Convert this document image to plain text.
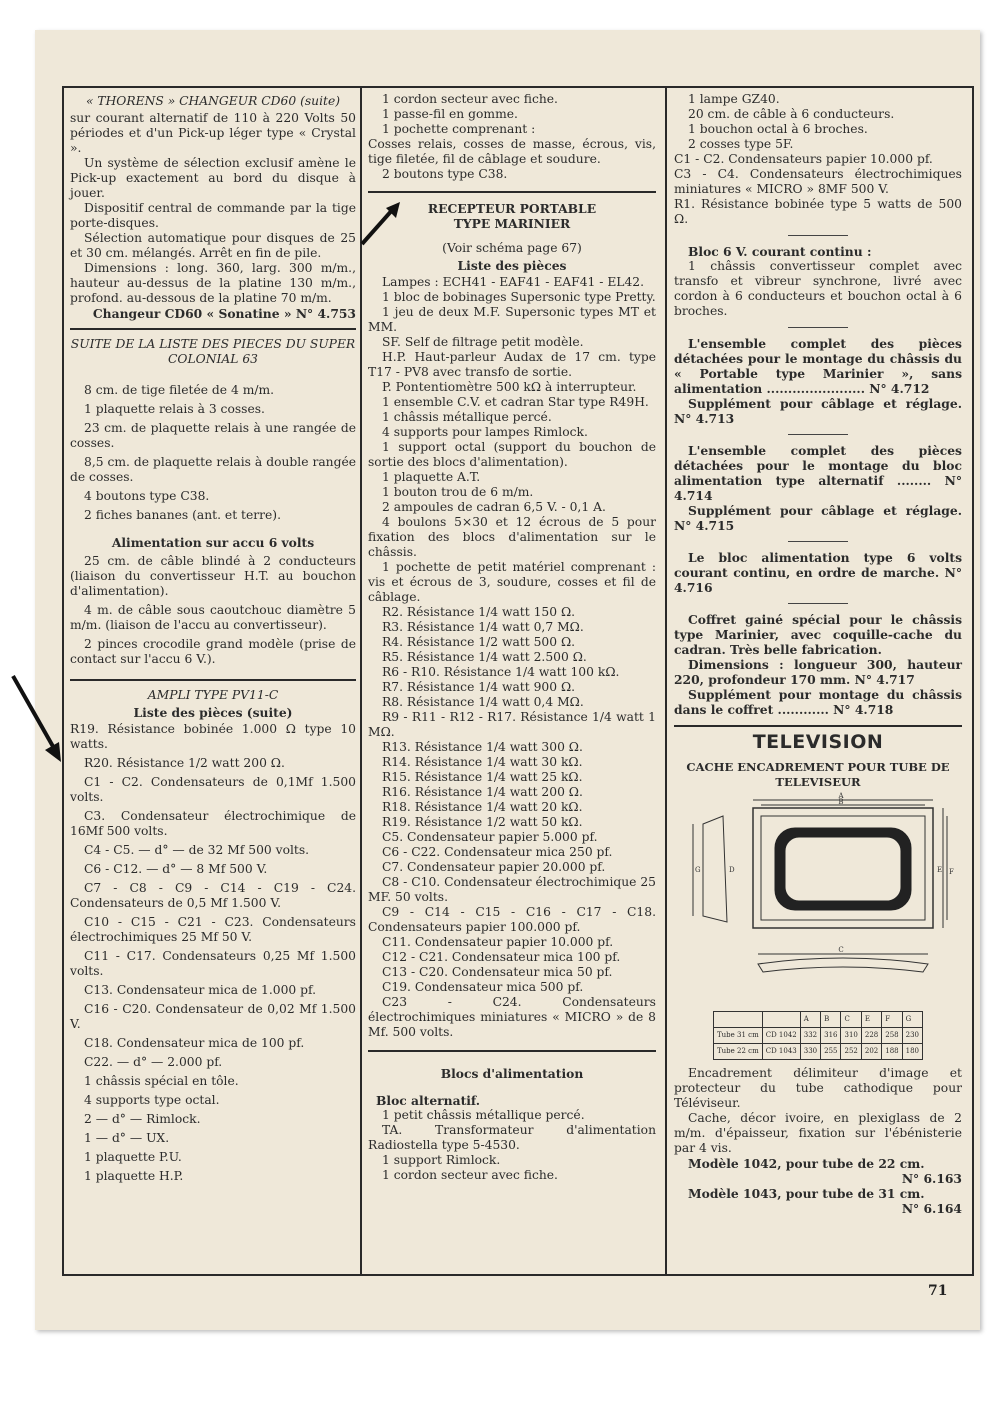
« THORENS » CHANGEUR CD60 (suite)

sur courant alternatif de 110 à 220 Volts 50 périodes et d'un Pick-up léger type « Crystal ».

Un système de sélection exclusif amène le Pick-up exactement au bord du disque à jouer.

Dispositif central de commande par la tige porte-disques.

Sélection automatique pour disques de 25 et 30 cm. mélangés. Arrêt en fin de pile.

Dimensions : long. 360, larg. 300 m/m., hauteur au-dessus de la platine 130 m/m., profond. au-dessous de la platine 70 m/m.

Changeur CD60 « Sonatine » N° 4.753

SUITE DE LA LISTE DES PIECES DU SUPER COLONIAL 63

8 cm. de tige filetée de 4 m/m.

1 plaquette relais à 3 cosses.

23 cm. de plaquette relais à une rangée de cosses.

8,5 cm. de plaquette relais à double rangée de cosses.

4 boutons type C38.

2 fiches bananes (ant. et terre).

Alimentation sur accu 6 volts

25 cm. de câble blindé à 2 conducteurs (liaison du convertisseur H.T. au bouchon d'alimentation).

4 m. de câble sous caoutchouc diamètre 5 m/m. (liaison de l'accu au convertisseur).

2 pinces crocodile grand modèle (prise de contact sur l'accu 6 V.).

AMPLI TYPE PV11-C
Liste des pièces (suite)

R19. Résistance bobinée 1.000 Ω type 10 watts.

R20. Résistance 1/2 watt 200 Ω.

C1 - C2. Condensateurs de 0,1Mf 1.500 volts.

C3. Condensateur électrochimique de 16Mf 500 volts.

C4 - C5. — d° — de 32 Mf 500 volts.

C6 - C12. — d° — 8 Mf 500 V.

C7 - C8 - C9 - C14 - C19 - C24. Condensateurs de 0,5 Mf 1.500 V.

C10 - C15 - C21 - C23. Condensateurs électrochimiques 25 Mf 50 V.

C11 - C17. Condensateurs 0,25 Mf 1.500 volts.

C13. Condensateur mica de 1.000 pf.

C16 - C20. Condensateur de 0,02 Mf 1.500 V.

C18. Condensateur mica de 100 pf.

C22. — d° — 2.000 pf.

1 châssis spécial en tôle.

4 supports type octal.

2 — d° — Rimlock.

1 — d° — UX.

1 plaquette P.U.

1 plaquette H.P.

1 cordon secteur avec fiche.

1 passe-fil en gomme.

1 pochette comprenant :

Cosses relais, cosses de masse, écrous, vis, tige filetée, fil de câblage et soudure.

2 boutons type C38.

RECEPTEUR PORTABLE
TYPE MARINIER
(Voir schéma page 67)
Liste des pièces

Lampes : ECH41 - EAF41 - EAF41 - EL42.

1 bloc de bobinages Supersonic type Pretty.

1 jeu de deux M.F. Supersonic types MT et MM.

SF. Self de filtrage petit modèle.

H.P. Haut-parleur Audax de 17 cm. type T17 - PV8 avec transfo de sortie.

P. Pontentiomètre 500 kΩ à interrupteur.

1 ensemble C.V. et cadran Star type R49H.

1 châssis métallique percé.

4 supports pour lampes Rimlock.

1 support octal (support du bouchon de sortie des blocs d'alimentation).

1 plaquette A.T.

1 bouton trou de 6 m/m.

2 ampoules de cadran 6,5 V. - 0,1 A.

4 boulons 5×30 et 12 écrous de 5 pour fixation des blocs d'alimentation sur le châssis.

1 pochette de petit matériel comprenant : vis et écrous de 3, soudure, cosses et fil de câblage.

R2. Résistance 1/4 watt 150 Ω.

R3. Résistance 1/4 watt 0,7 MΩ.

R4. Résistance 1/2 watt 500 Ω.

R5. Résistance 1/4 watt 2.500 Ω.

R6 - R10. Résistance 1/4 watt 100 kΩ.

R7. Résistance 1/4 watt 900 Ω.

R8. Résistance 1/4 watt 0,4 MΩ.

R9 - R11 - R12 - R17. Résistance 1/4 watt 1 MΩ.

R13. Résistance 1/4 watt 300 Ω.

R14. Résistance 1/4 watt 30 kΩ.

R15. Résistance 1/4 watt 25 kΩ.

R16. Résistance 1/4 watt 200 Ω.

R18. Résistance 1/4 watt 20 kΩ.

R19. Résistance 1/2 watt 50 kΩ.

C5. Condensateur papier 5.000 pf.

C6 - C22. Condensateur mica 250 pf.

C7. Condensateur papier 20.000 pf.

C8 - C10. Condensateur électrochimique 25 MF. 50 volts.

C9 - C14 - C15 - C16 - C17 - C18. Condensateurs papier 100.000 pf.

C11. Condensateur papier 10.000 pf.

C12 - C21. Condensateur mica 100 pf.

C13 - C20. Condensateur mica 50 pf.

C19. Condensateur mica 500 pf.

C23 - C24. Condensateurs électrochimiques miniatures « MICRO » de 8 Mf. 500 volts.

Blocs d'alimentation
Bloc alternatif.

1 petit châssis métallique percé.

TA. Transformateur d'alimentation Radiostella type 5-4530.

1 support Rimlock.

1 cordon secteur avec fiche.

1 lampe GZ40.

20 cm. de câble à 6 conducteurs.

1 bouchon octal à 6 broches.

2 cosses type 5F.

C1 - C2. Condensateurs papier 10.000 pf.

C3 - C4. Condensateurs électrochimiques miniatures « MICRO » 8MF 500 V.

R1. Résistance bobinée type 5 watts de 500 Ω.

Bloc 6 V. courant continu :

1 châssis convertisseur complet avec transfo et vibreur synchrone, livré avec cordon à 6 conducteurs et bouchon octal à 6 broches.

L'ensemble complet des pièces détachées pour le montage du châssis du « Portable type Marinier », sans alimentation ....................... N° 4.712

Supplément pour câblage et réglage. N° 4.713

L'ensemble complet des pièces détachées pour le montage du bloc alimentation type alternatif ........ N° 4.714

Supplément pour câblage et réglage. N° 4.715

Le bloc alimentation type 6 volts courant continu, en ordre de marche. N° 4.716

Coffret gainé spécial pour le châssis type Marinier, avec coquille-cache du cadran. Très belle fabrication.

Dimensions : longueur 300, hauteur 220, profondeur 170 mm. N° 4.717

Supplément pour montage du châssis dans le coffret ............ N° 4.718

TELEVISION
CACHE ENCADREMENT POUR TUBE DE TELEVISEUR
A
B
C
D	E F
G
		A	B	C	E	F	G
Tube 31 cm	CD 1042	332	316	310	228	258	230
Tube 22 cm	CD 1043	330	255	252	202	188	180

Encadrement délimiteur d'image et protecteur du tube cathodique pour Téléviseur.

Cache, décor ivoire, en plexiglass de 2 m/m. d'épaisseur, fixation sur l'ébénisterie par 4 vis.

Modèle 1042, pour tube de 22 cm.

N° 6.163

Modèle 1043, pour tube de 31 cm.

N° 6.164

71
